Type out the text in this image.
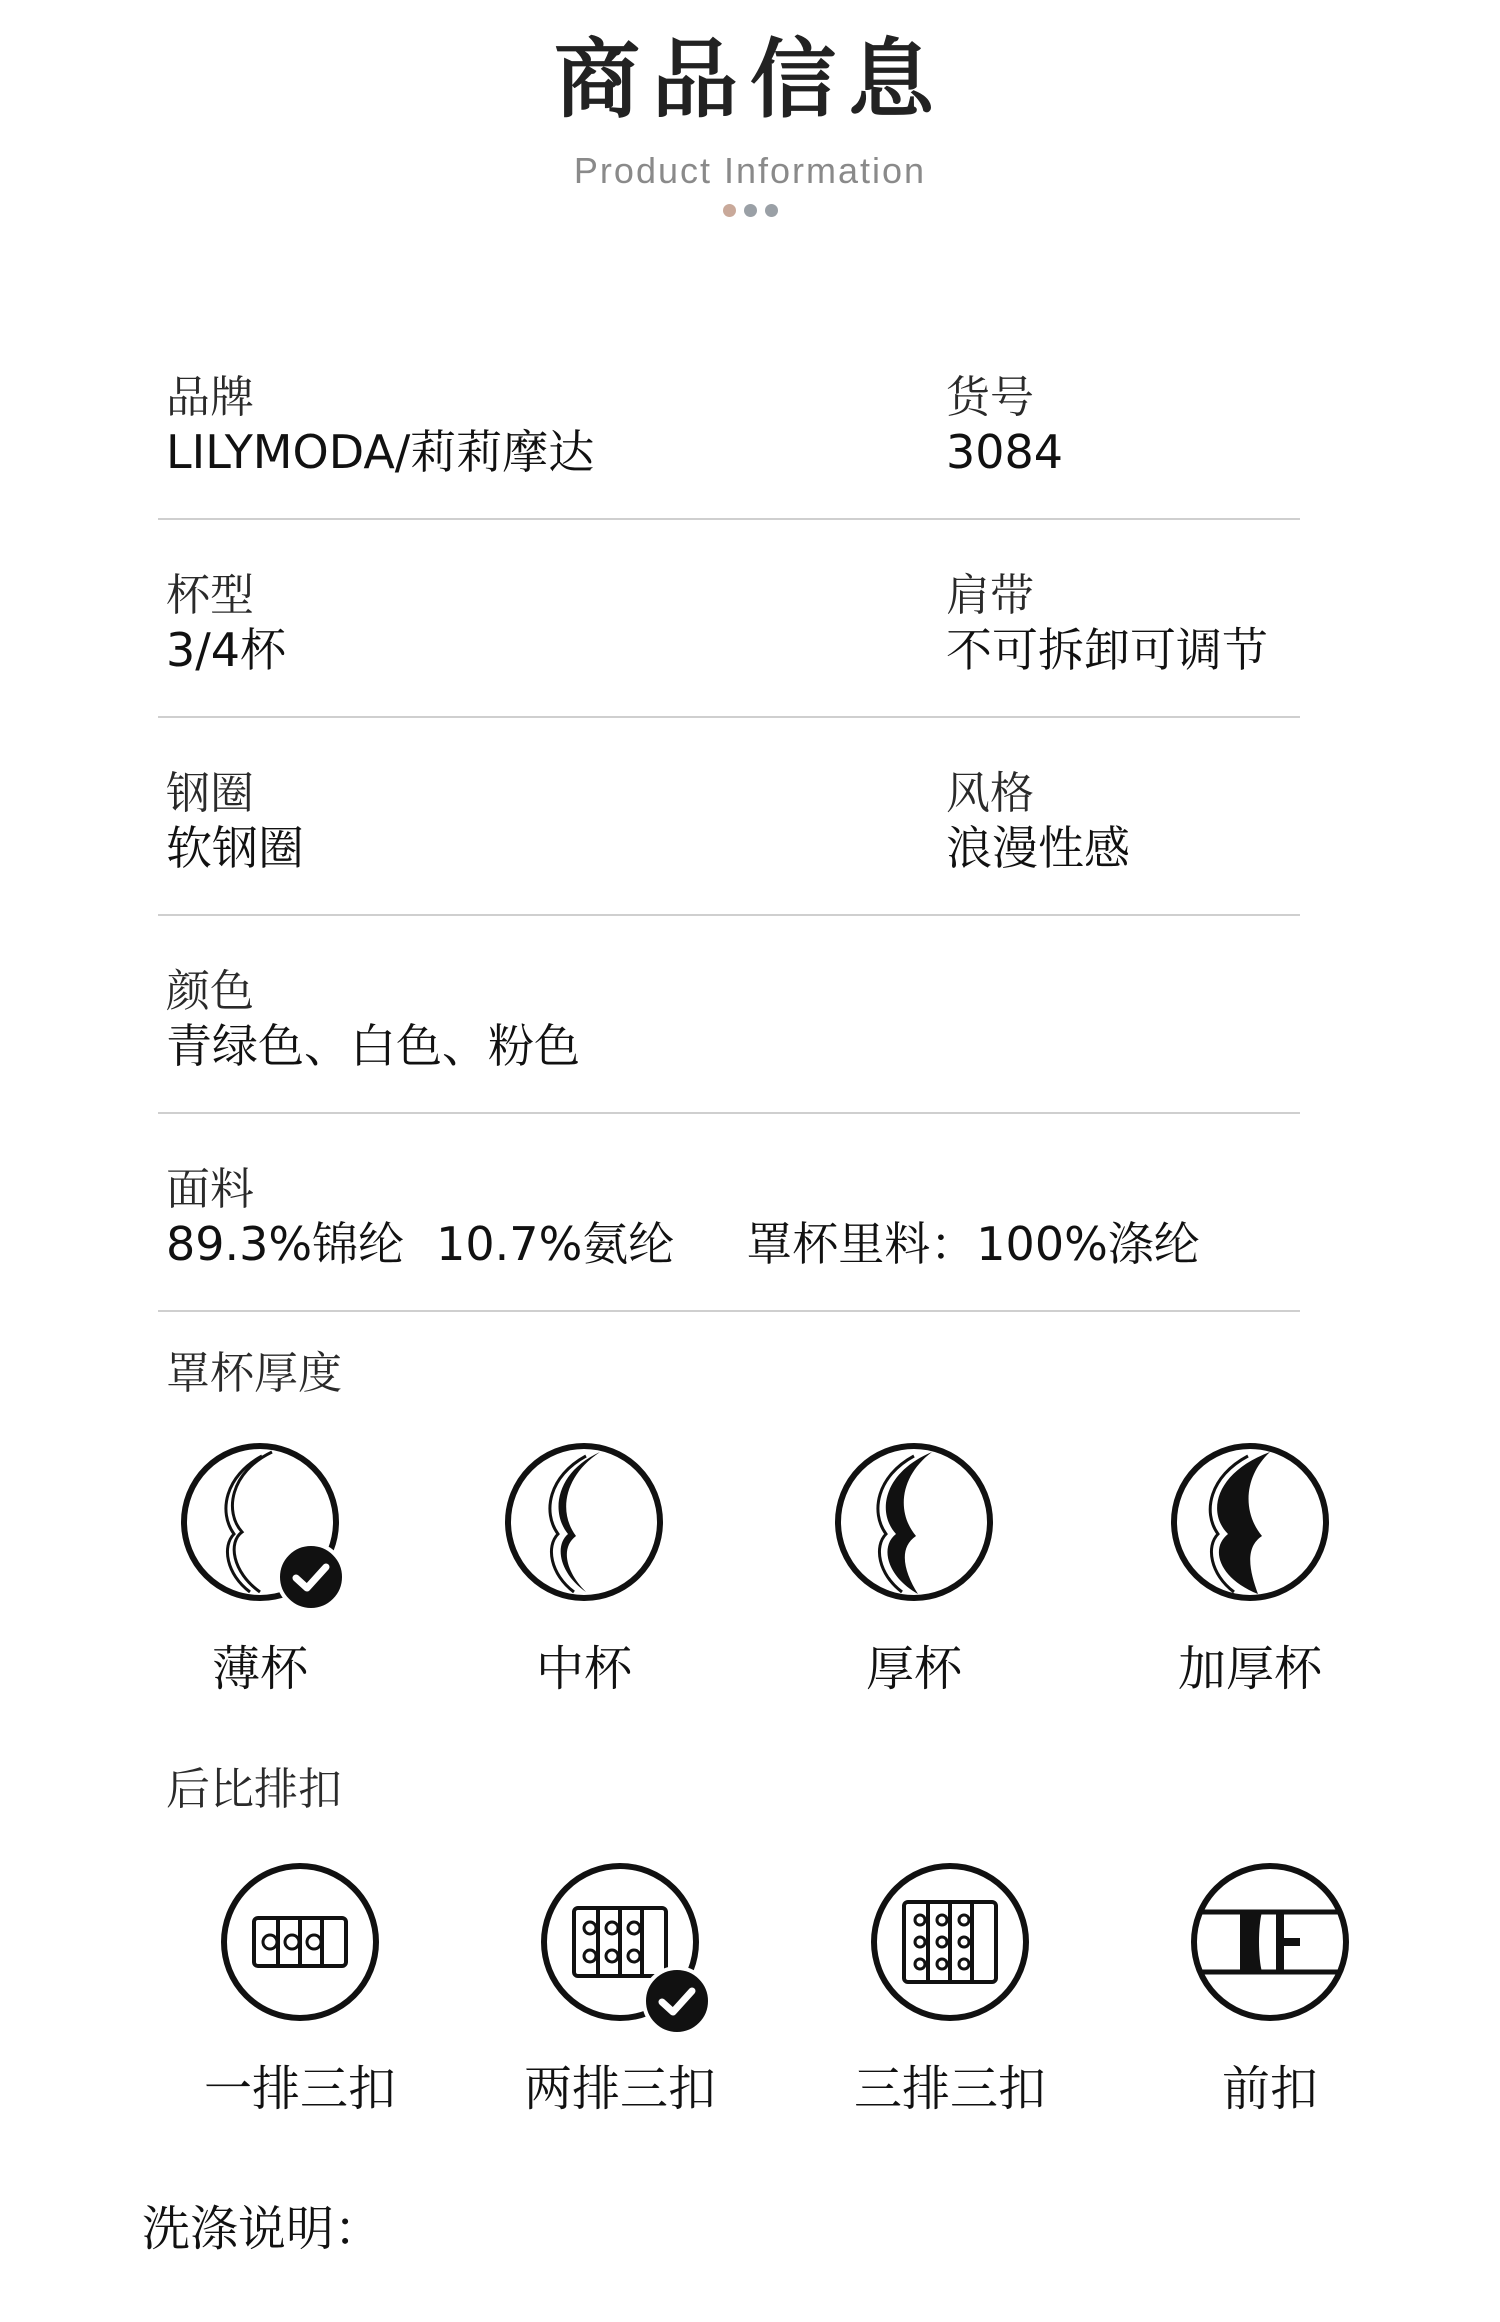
商品信息
Product Information
品牌
LILYMODA/莉莉摩达
货号
3084
杯型
3/4杯
肩带
不可拆卸可调节
钢圈
软钢圈
风格
浪漫性感
颜色
青绿色、白色、粉色
面料
89.3%锦纶 10.7%氨纶 罩杯里料：100%涤纶
罩杯厚度
薄杯	中杯	厚杯	加厚杯
后比排扣
一排三扣	两排三扣	三排三扣	前扣
洗涤说明：
